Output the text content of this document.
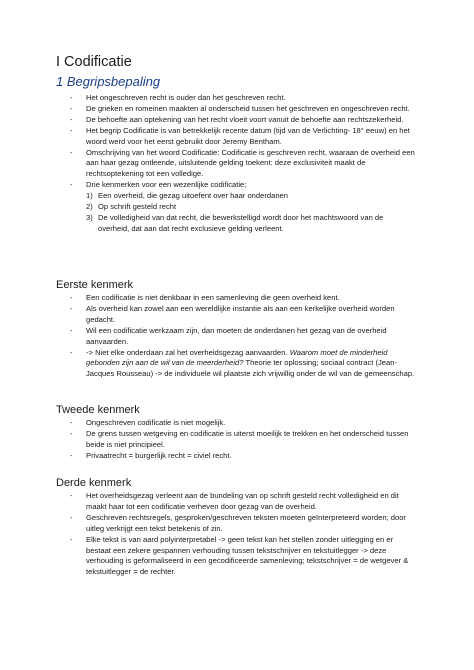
I Codificatie
1 Begripsbepaling
- Het ongeschreven recht is ouder dan het geschreven recht.
- De grieken en romeinen maakten al onderscheid tussen het geschreven en ongeschreven recht.
- De behoefte aan optekening van het recht vloeit voort vanuit de behoefte aan rechtszekerheid.
- Het begrip Codificatie is van betrekkelijk recente datum (tijd van de Verlichting- 18° eeuw) en het woord werd voor het eerst gebruikt door Jeremy Bentham.
- Omschrijving van het woord Codificatie: Codificatie is geschreven recht, waaraan de overheid een aan haar gezag ontleende, uitsluitende gelding toekent: deze exclusiviteit maakt de rechtsoptekening tot een volledige.
- Drie kenmerken voor een wezenlijke codificatie;
1) Een overheid, die gezag uitoefent over haar onderdanen
2) Op schrift gesteld recht
3) De volledigheid van dat recht, die bewerkstelligd wordt door het machtswoord van de overheid, dat aan dat recht exclusieve gelding verleent.
Eerste kenmerk
- Een codificatie is niet denkbaar in een samenleving die geen overheid kent.
- Als overheid kan zowel aan een wereldlijke instantie als aan een kerkelijke overheid worden gedacht.
- Wil een codificatie werkzaam zijn, dan moeten de onderdanen het gezag van de overheid aanvaarden.
- -> Niet elke onderdaan zal het overheidsgezag aanvaarden. Waarom moet de minderheid gebonden zijn aan de wil van de meerderheid? Theorie ter oplossing; sociaal contract (Jean-Jacques Rousseau) -> de individuele wil plaatste zich vrijwillig onder de wil van de gemeenschap.
Tweede kenmerk
- Ongeschreven codificatie is niet mogelijk.
- De grens tussen wetgeving en codificatie is uiterst moeilijk te trekken en het onderscheid tussen beide is niet principieel.
- Privaatrecht = burgerlijk recht = civiel recht.
Derde kenmerk
- Het overheidsgezag verleent aan de bundeling van op schrift gesteld recht volledigheid en dit maakt haar tot een codificatie verheven door gezag van de overheid.
- Geschreven rechtsregels, gesproken/geschreven teksten moeten geïnterpreteerd worden; door uitleg verkrijgt een tekst betekenis of zin.
- Elke tekst is van aard polyinterpretabel -> geen tekst kan het stellen zonder uitlegging en er bestaat een zekere gespannen verhouding tussen tekstschrijver en tekstuitlegger -> deze verhouding is geformaliseerd in een gecodificeerde samenleving; tekstschrijver = de wetgever & tekstuitlegger = de rechter.
